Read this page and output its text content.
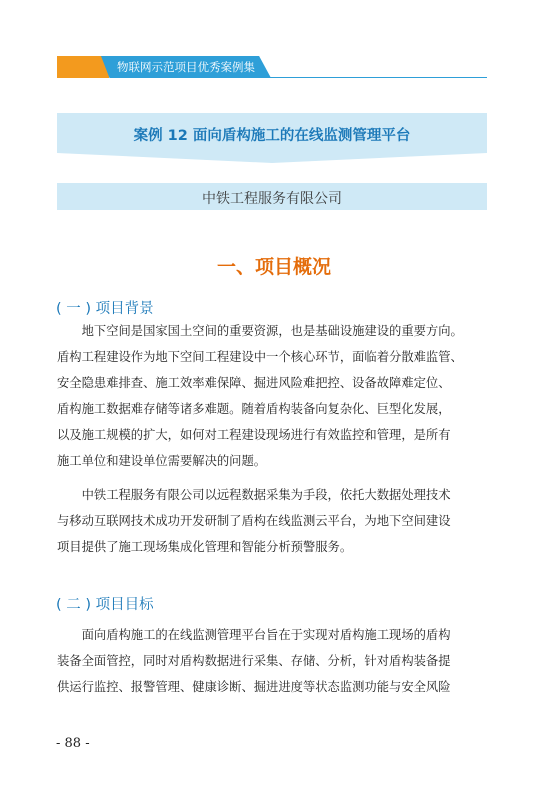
物联网示范项目优秀案例集
案例 12 面向盾构施工的在线监测管理平台
中铁工程服务有限公司
一、项目概况
( 一 ) 项目背景
地下空间是国家国土空间的重要资源，也是基础设施建设的重要方向。
盾构工程建设作为地下空间工程建设中一个核心环节，面临着分散难监管、
安全隐患难排查、施工效率难保障、掘进风险难把控、设备故障难定位、
盾构施工数据难存储等诸多难题。随着盾构装备向复杂化、巨型化发展，
以及施工规模的扩大，如何对工程建设现场进行有效监控和管理，是所有
施工单位和建设单位需要解决的问题。
中铁工程服务有限公司以远程数据采集为手段，依托大数据处理技术
与移动互联网技术成功开发研制了盾构在线监测云平台，为地下空间建设
项目提供了施工现场集成化管理和智能分析预警服务。
( 二 ) 项目目标
面向盾构施工的在线监测管理平台旨在于实现对盾构施工现场的盾构
装备全面管控，同时对盾构数据进行采集、存储、分析，针对盾构装备提
供运行监控、报警管理、健康诊断、掘进进度等状态监测功能与安全风险
- 88 -
